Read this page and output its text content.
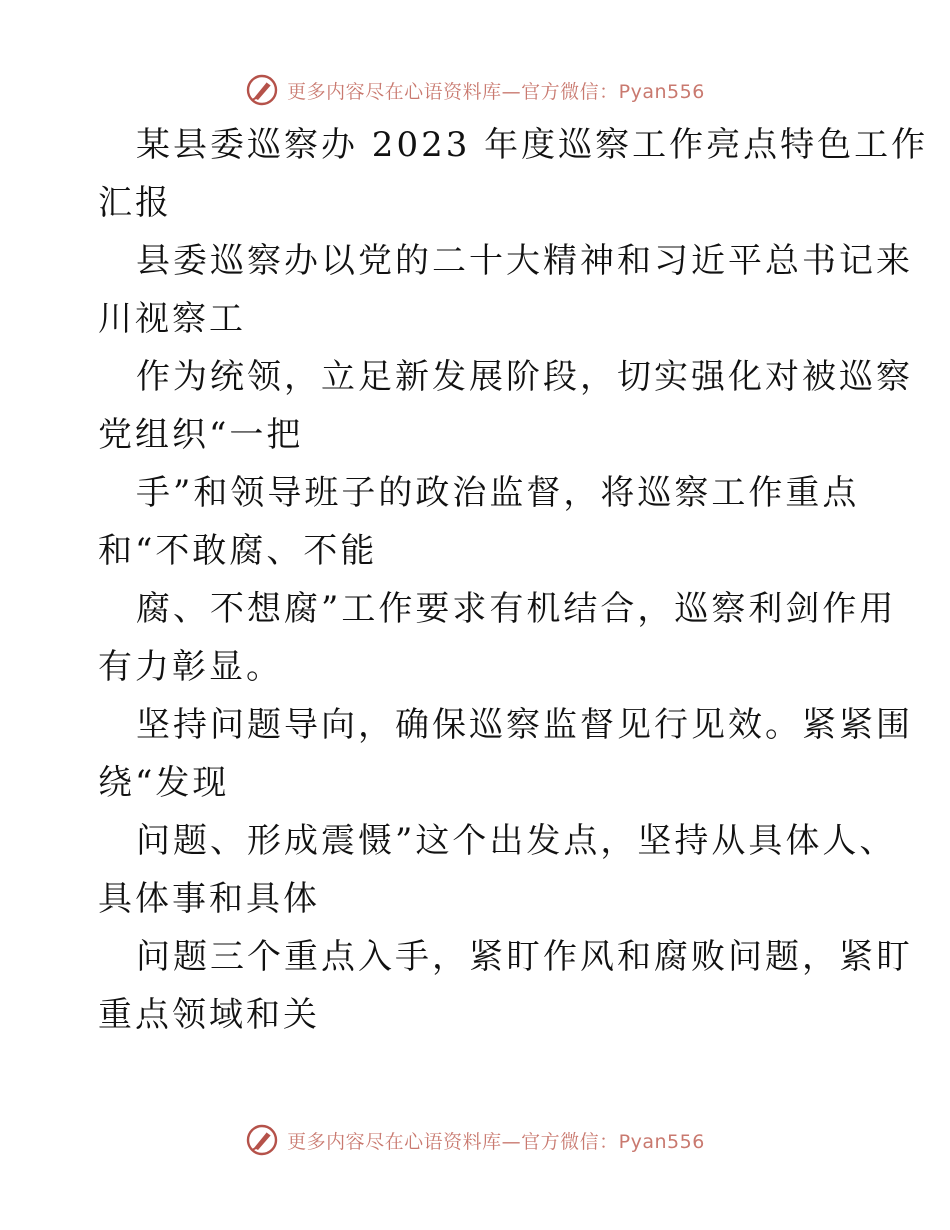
更多内容尽在心语资料库—官方微信：Pyan556
某县委巡察办 2023 年度巡察工作亮点特色工作
汇报
县委巡察办以党的二十大精神和习近平总书记来
川视察工
作为统领，立足新发展阶段，切实强化对被巡察
党组织“一把
手”和领导班子的政治监督，将巡察工作重点
和“不敢腐、不能
腐、不想腐”工作要求有机结合，巡察利剑作用
有力彰显。
坚持问题导向，确保巡察监督见行见效。紧紧围
绕“发现
问题、形成震慑”这个出发点，坚持从具体人、
具体事和具体
问题三个重点入手，紧盯作风和腐败问题，紧盯
重点领域和关
更多内容尽在心语资料库—官方微信：Pyan556
